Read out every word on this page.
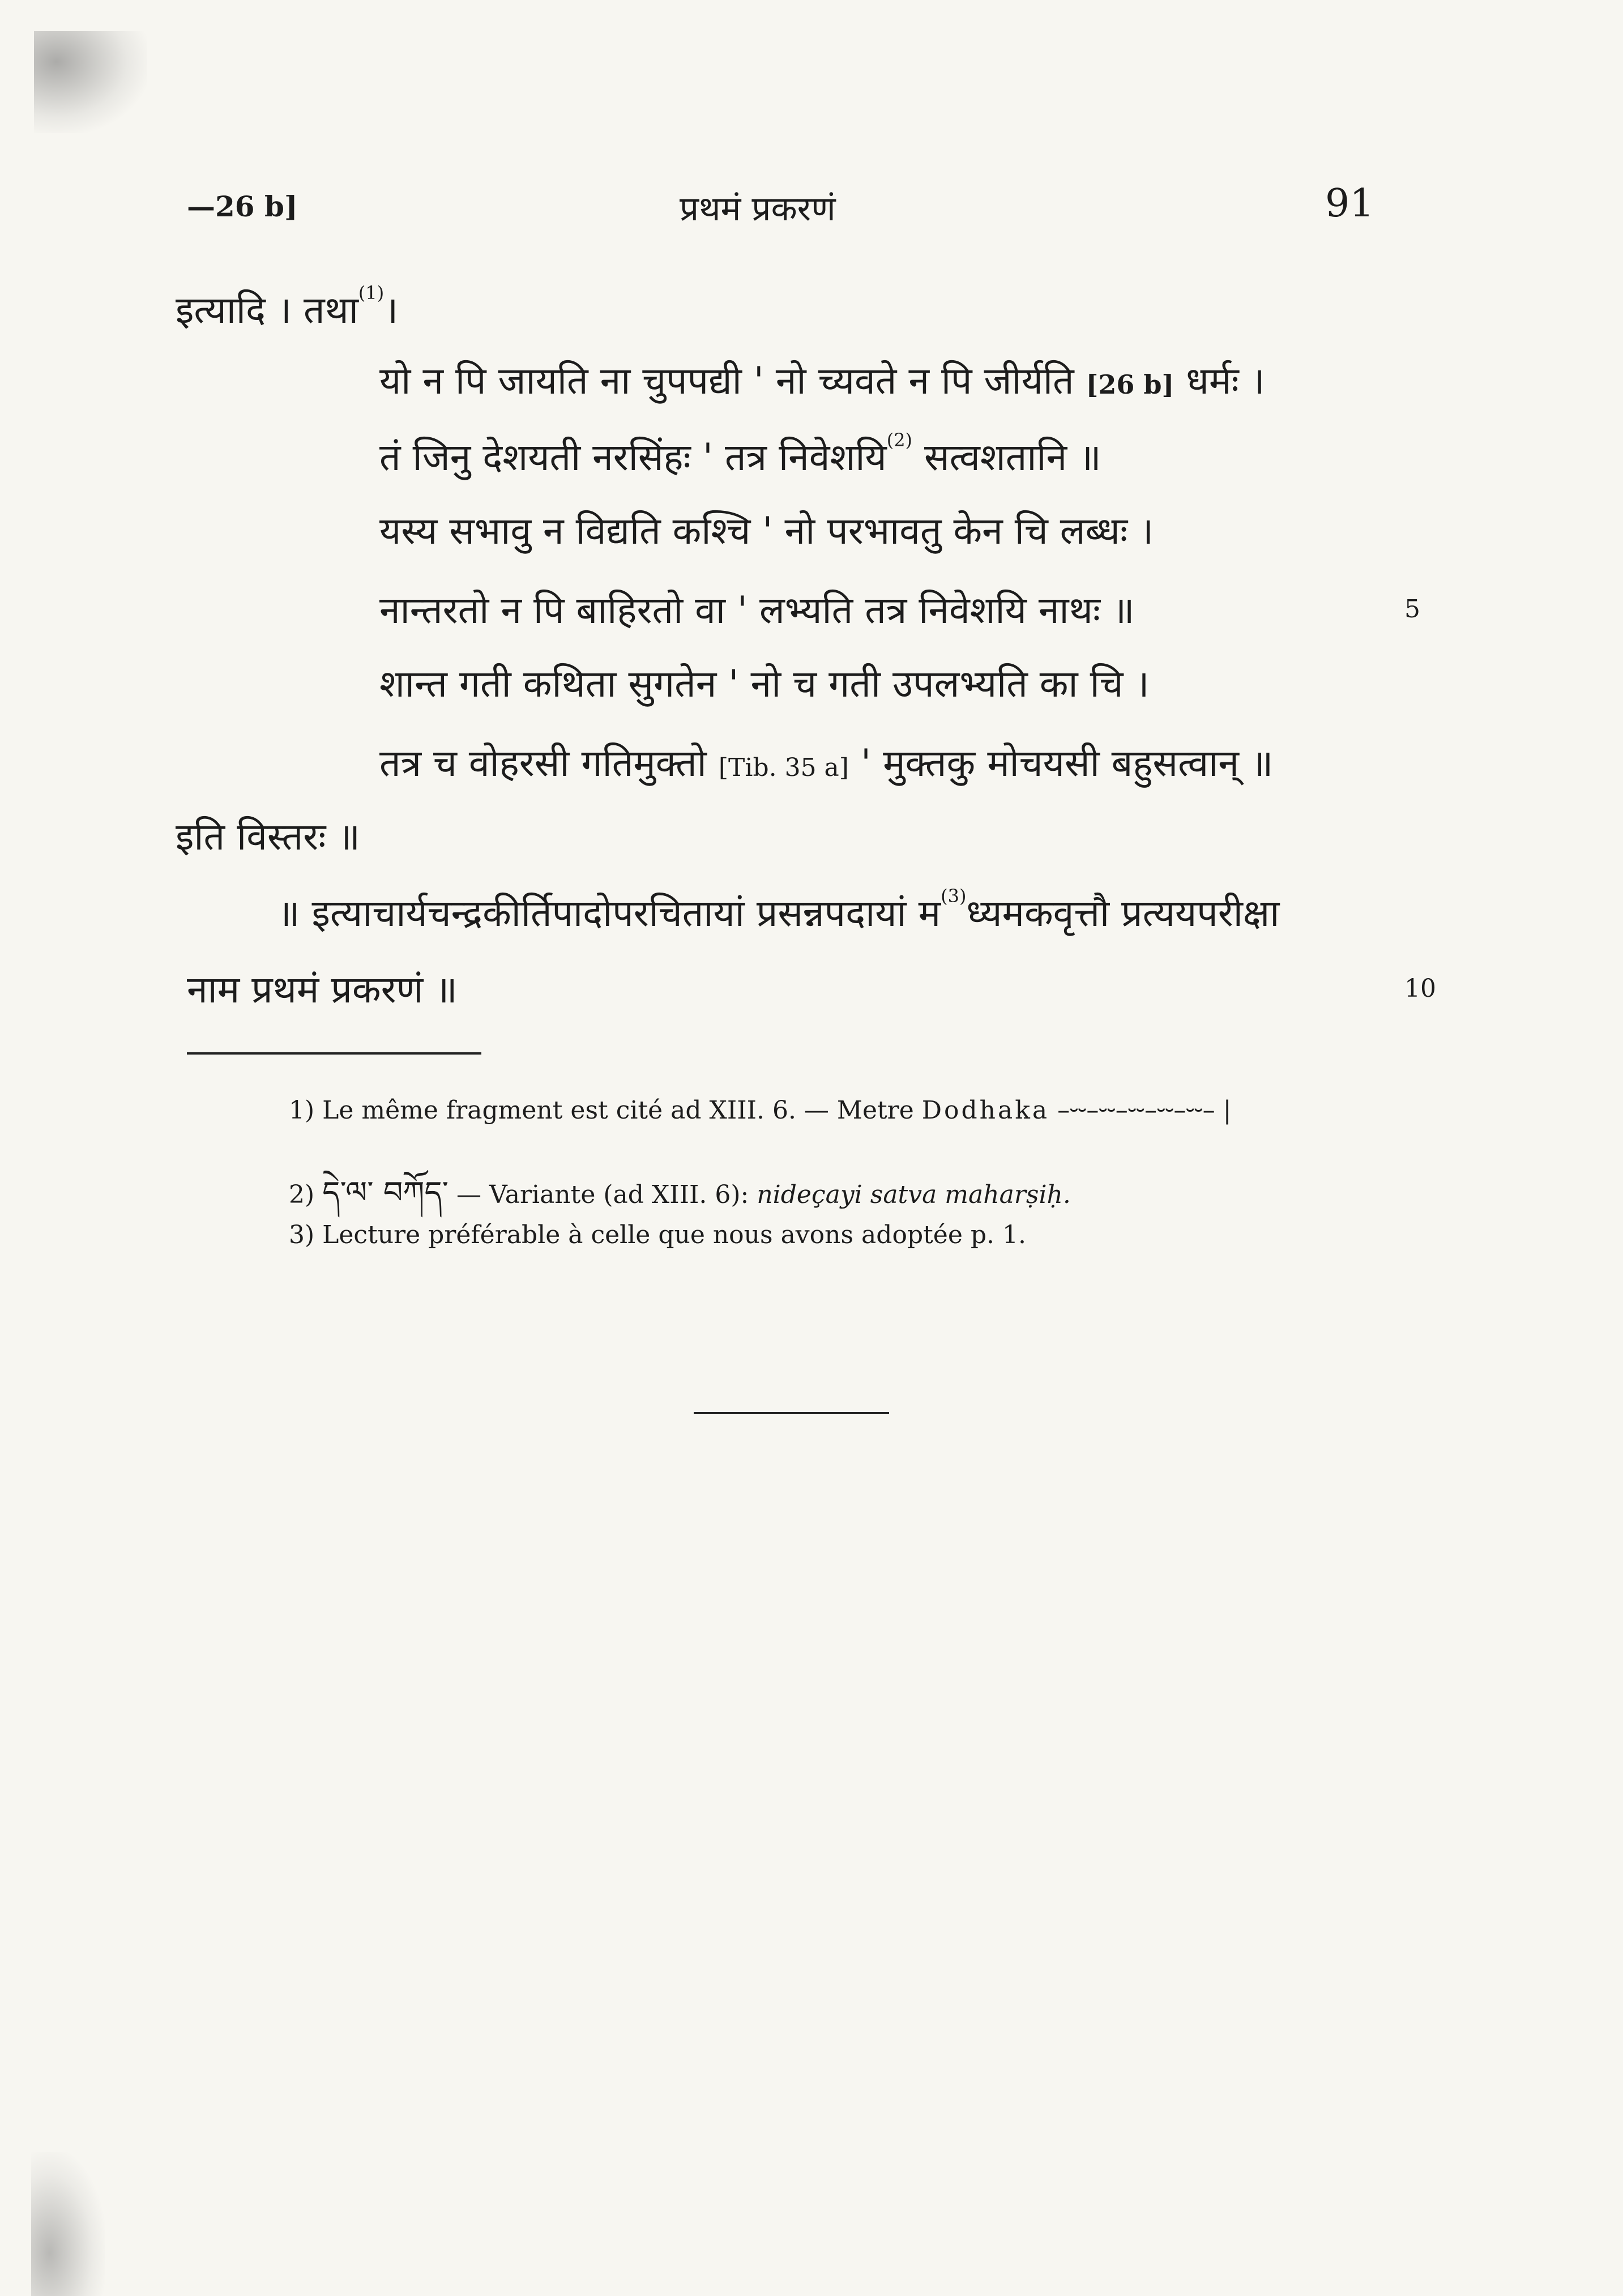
—26 b]	प्रथमं प्रकरणं	91
इत्यादि । तथा$^{(1)}$।
यो न पि जायति ना चुपपद्यी ' नो च्यवते न पि जीर्यति [26 b] धर्मः ।
तं जिनु देशयती नरसिंहः ' तत्र निवेशयि$^{(2)}$ सत्वशतानि ॥
यस्य सभावु न विद्यति कश्चि ' नो परभावतु केन चि लब्धः ।
नान्तरतो न पि बाहिरतो वा ' लभ्यति तत्र निवेशयि नाथः ॥	5
शान्त गती कथिता सुगतेन ' नो च गती उपलभ्यति का चि ।
तत्र च वोहरसी गतिमुक्तो [Tib. 35 a] ' मुक्तकु मोचयसी बहुसत्वान् ॥
इति विस्तरः ॥
॥ इत्याचार्यचन्द्रकीर्तिपादोपरचितायां प्रसन्नपदायां म$^{(3)}$ध्यमकवृत्तौ प्रत्ययपरीक्षा
नाम प्रथमं प्रकरणं ॥	10
1) Le même fragment est cité ad XIII. 6. — Metre Dodhaka –⏑⏑–⏑⏑–⏑⏑–⏑⏑–⏑⏑– |
2) དེ་ལ་ བཀོད་ — Variante (ad XIII. 6): nideçayi satva maharṣiḥ.
3) Lecture préférable à celle que nous avons adoptée p. 1.
